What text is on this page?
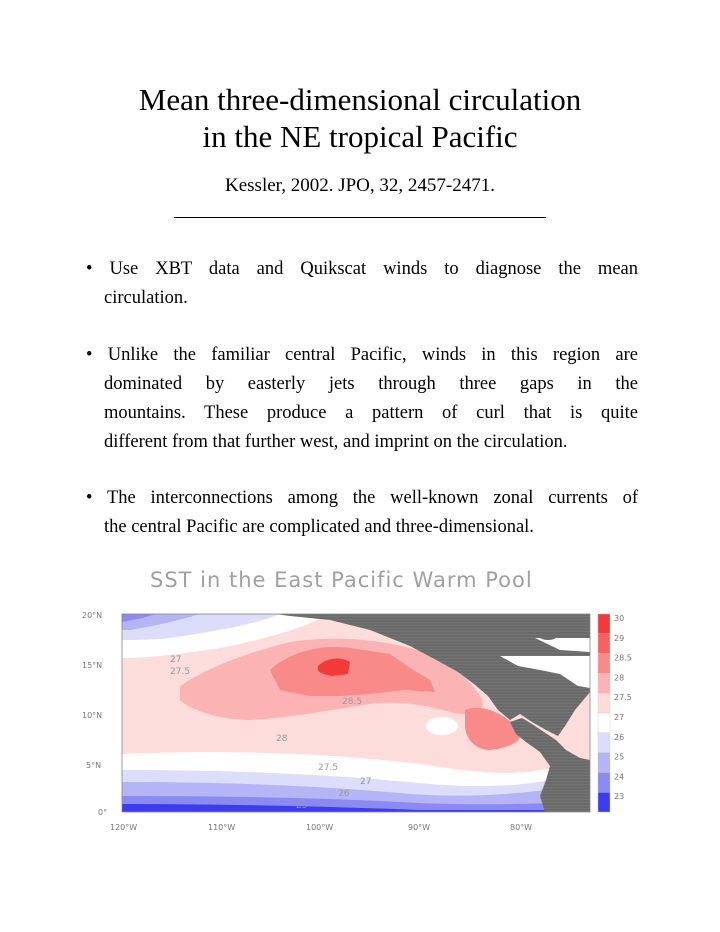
Mean three-dimensional circulation
in the NE tropical Pacific
Kessler, 2002. JPO, 32, 2457-2471.
• Use XBT data and Quikscat winds to diagnose the mean
circulation.
• Unlike the familiar central Pacific, winds in this region are
dominated by easterly jets through three gaps in the
mountains. These produce a pattern of curl that is quite
different from that further west, and imprint on the circulation.
• The interconnections among the well-known zonal currents of
the central Pacific are complicated and three-dimensional.
SST in the East Pacific Warm Pool
27
27.5
28.5
28
27.5
27
26
25
20°N
15°N
10°N
5°N
0°
120°W	110°W	100°W	90°W	80°W
30
29
28.5
28
27.5
27
26
25
24
23
